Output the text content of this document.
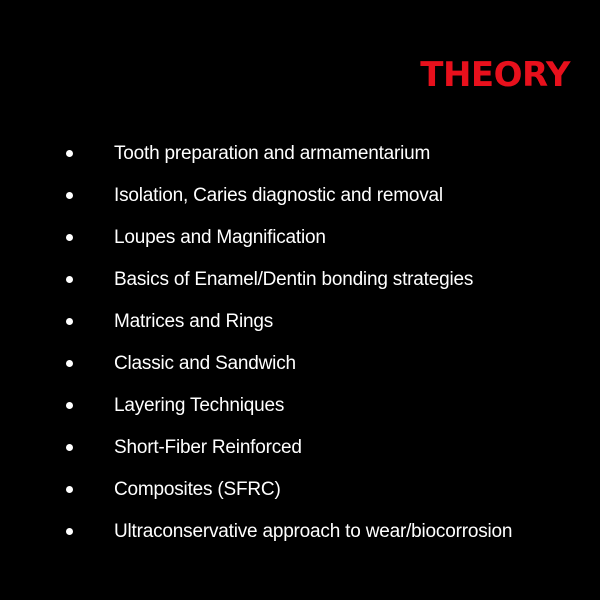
THEORY
Tooth preparation and armamentarium
Isolation, Caries diagnostic and removal
Loupes and Magnification
Basics of Enamel/Dentin bonding strategies
Matrices and Rings
Classic and Sandwich
Layering Techniques
Short-Fiber Reinforced
Composites (SFRC)
Ultraconservative approach to wear/biocorrosion
